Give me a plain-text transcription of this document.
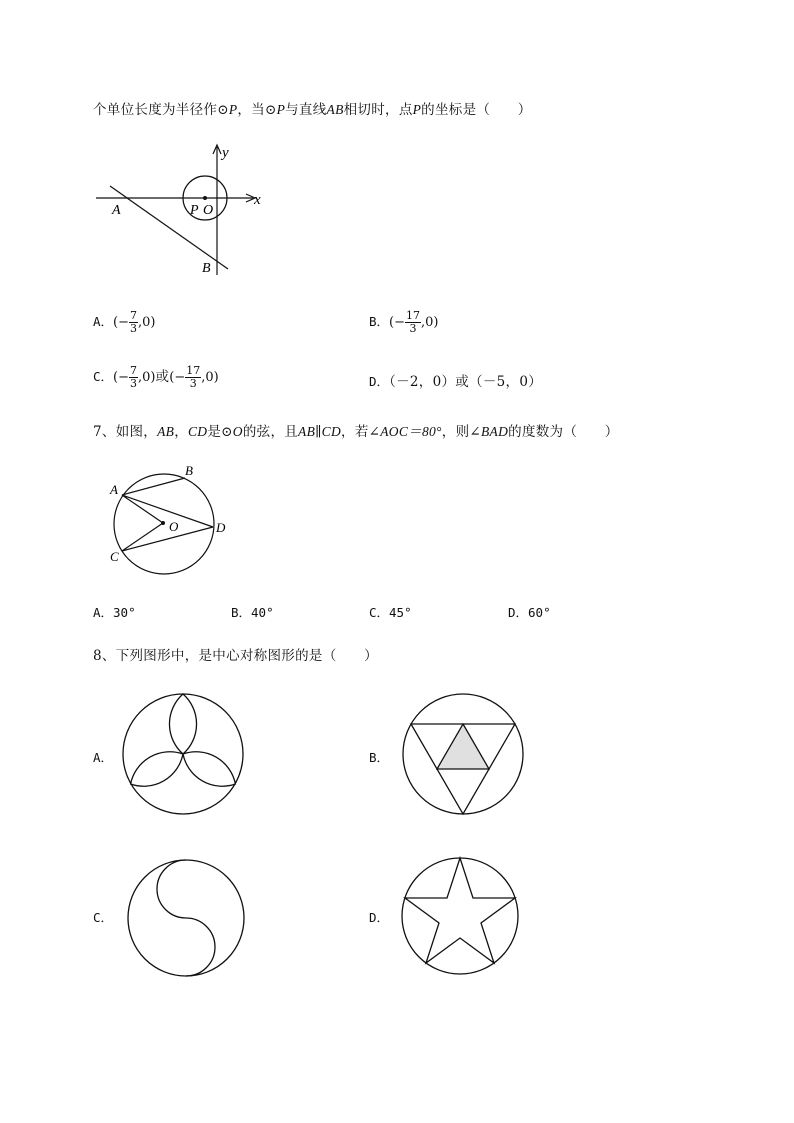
个单位长度为半径作⊙P，当⊙P与直线AB相切时，点P的坐标是（　　）
y
x
A	P O
B
A．(− $\frac{7}{3} ,0$)	B．(− $\frac{17}{3} ,0$)
C．(− $\frac{7}{3} ,0$)或(− $\frac{17}{3} ,0$)	D．（－2，0）或（－5，0）
7、如图，AB，CD是⊙O的弦，且AB∥CD，若∠AOC＝80°，则∠BAD的度数为（　　）
A
B
O	D
C
A．30°	B．40°	C．45°	D．60°
8、下列图形中，是中心对称图形的是（　　）
A．	B．
C．	D．
